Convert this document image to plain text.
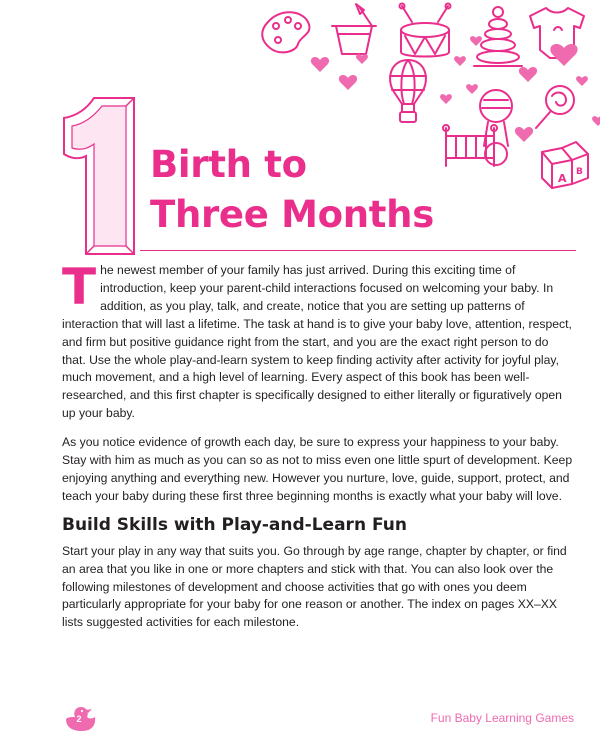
A B
Birth to
Three Months

The newest member of your family has just arrived. During this exciting time of introduction, keep your parent-child interactions focused on welcoming your baby. In addition, as you play, talk, and create, notice that you are setting up patterns of interaction that will last a lifetime. The task at hand is to give your baby love, attention, respect, and firm but positive guidance right from the start, and you are the exact right person to do that. Use the whole play-and-learn system to keep finding activity after activity for joyful play, much movement, and a high level of learning. Every aspect of this book has been well-researched, and this first chapter is specifically designed to either literally or figuratively open up your baby.

As you notice evidence of growth each day, be sure to express your happiness to your baby. Stay with him as much as you can so as not to miss even one little spurt of development. Keep enjoying anything and everything new. However you nurture, love, guide, support, protect, and teach your baby during these first three beginning months is exactly what your baby will love.

Build Skills with Play-and-Learn Fun

Start your play in any way that suits you. Go through by age range, chapter by chapter, or find an area that you like in one or more chapters and stick with that. You can also look over the following milestones of development and choose activities that go with ones you deem particularly appropriate for your baby for one reason or another. The index on pages XX–XX lists suggested activities for each milestone.

2	Fun Baby Learning Games
